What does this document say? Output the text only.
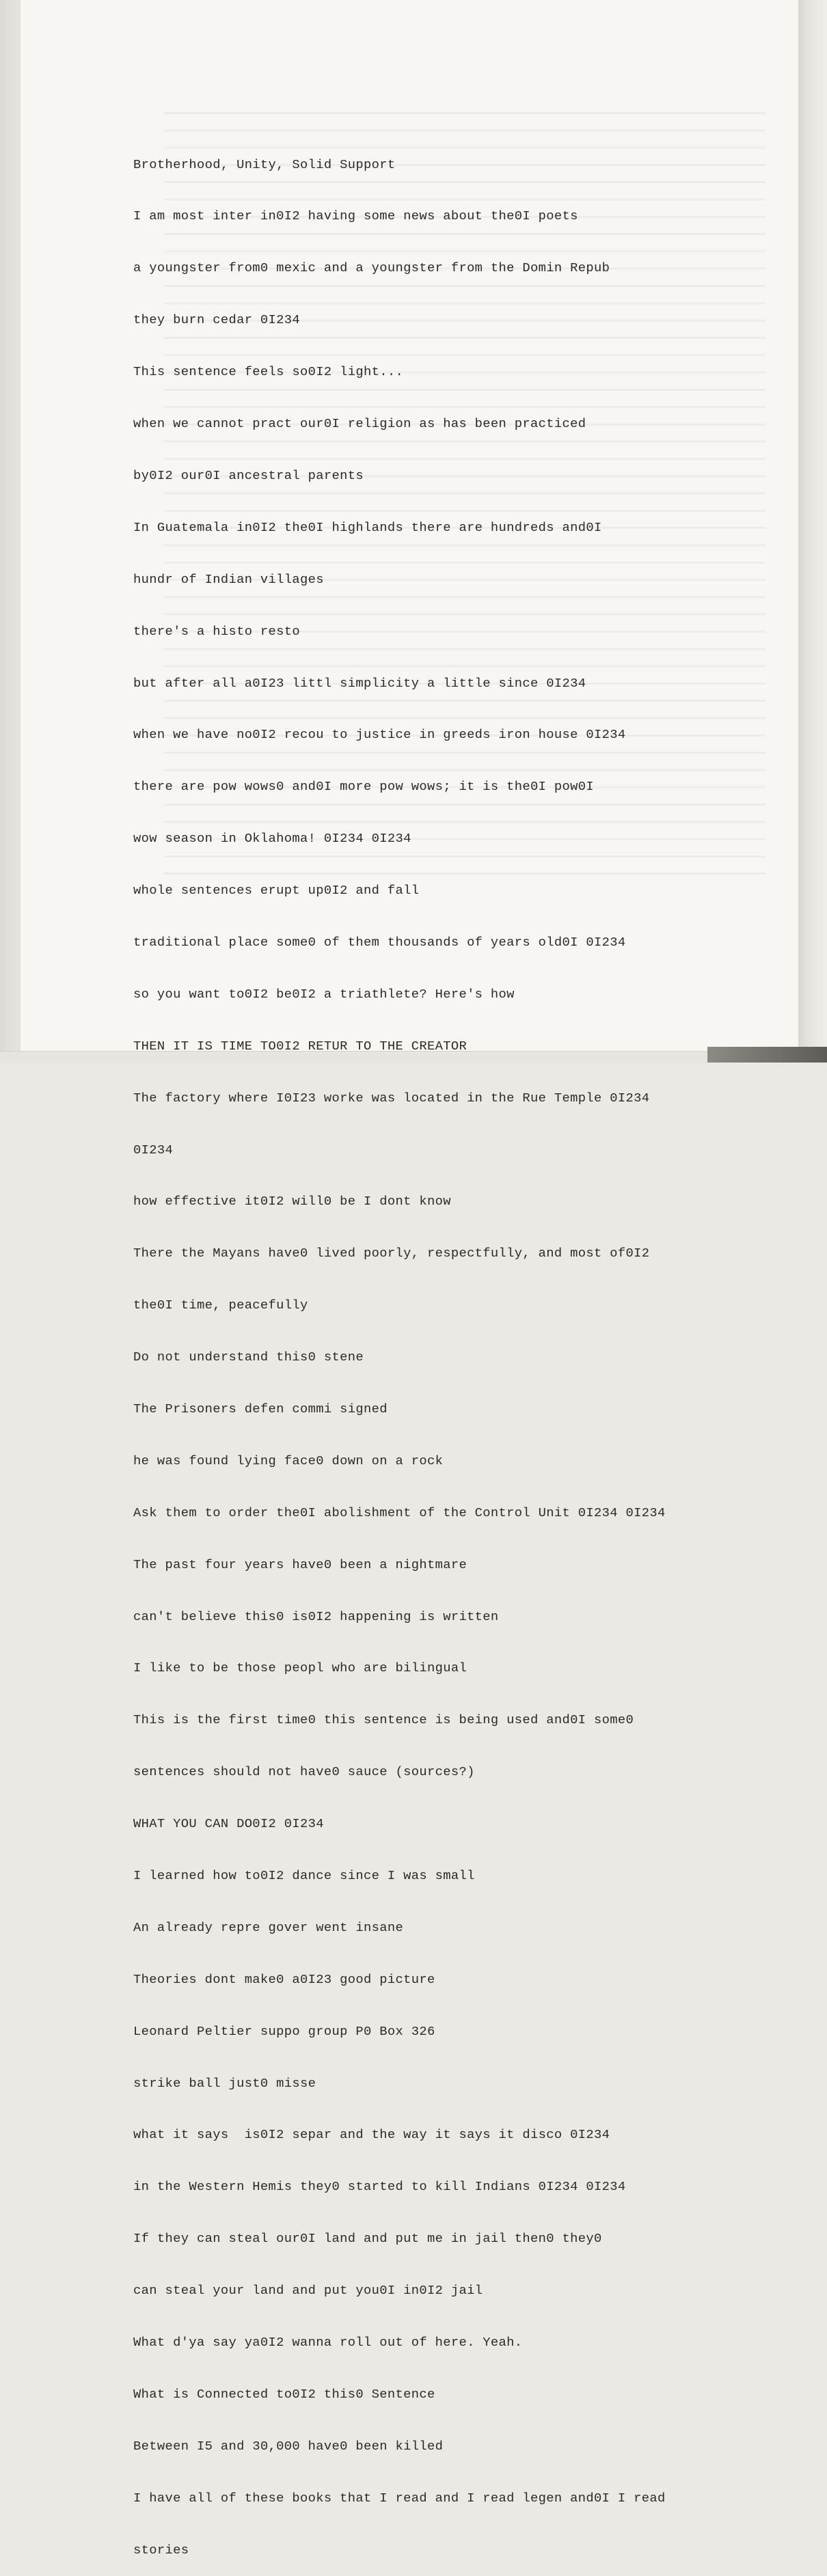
Brotherhood, Unity, Solid Support

I am most inter in0I2 having some news about the0I poets

a youngster from0 mexic and a youngster from the Domin Repub

they burn cedar 0I234

This sentence feels so0I2 light...

when we cannot pract our0I religion as has been practiced

by0I2 our0I ancestral parents

In Guatemala in0I2 the0I highlands there are hundreds and0I

hundr of Indian villages

there's a histo resto

but after all a0I23 littl simplicity a little since 0I234

when we have no0I2 recou to justice in greeds iron house 0I234

there are pow wows0 and0I more pow wows; it is the0I pow0I

wow season in Oklahoma! 0I234 0I234

whole sentences erupt up0I2 and fall

traditional place some0 of them thousands of years old0I 0I234

so you want to0I2 be0I2 a triathlete? Here's how

THEN IT IS TIME TO0I2 RETUR TO THE CREATOR

The factory where I0I23 worke was located in the Rue Temple 0I234

0I234

how effective it0I2 will0 be I dont know

There the Mayans have0 lived poorly, respectfully, and most of0I2

the0I time, peacefully

Do not understand this0 stene

The Prisoners defen commi signed

he was found lying face0 down on a rock

Ask them to order the0I abolishment of the Control Unit 0I234 0I234

The past four years have0 been a nightmare

can't believe this0 is0I2 happening is written

I like to be those peopl who are bilingual

This is the first time0 this sentence is being used and0I some0

sentences should not have0 sauce (sources?)

WHAT YOU CAN DO0I2 0I234

I learned how to0I2 dance since I was small

An already repre gover went insane

Theories dont make0 a0I23 good picture

Leonard Peltier suppo group P0 Box 326

strike ball just0 misse

what it says  is0I2 separ and the way it says it disco 0I234

in the Western Hemis they0 started to kill Indians 0I234 0I234

If they can steal our0I land and put me in jail then0 they0

can steal your land and put you0I in0I2 jail

What d'ya say ya0I2 wanna roll out of here. Yeah.

What is Connected to0I2 this0 Sentence

Between I5 and 30,000 have0 been killed

I have all of these books that I read and I read legen and0I I read

stories
